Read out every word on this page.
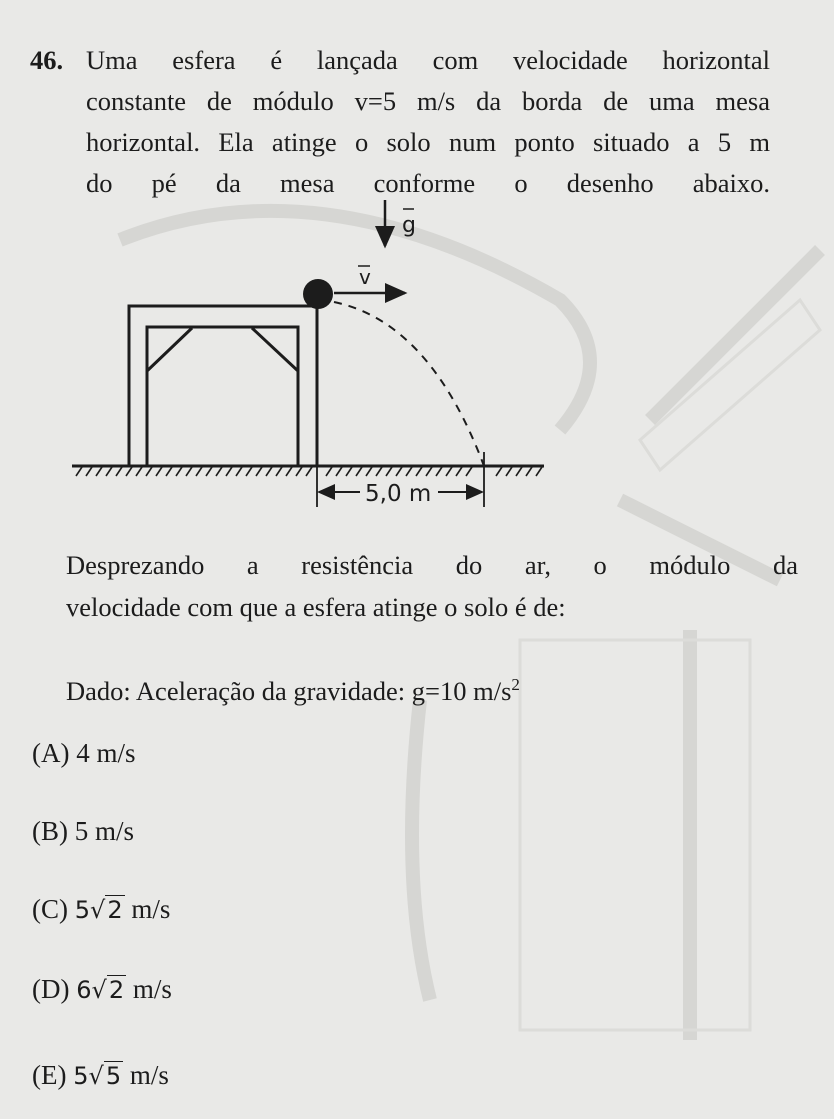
46. Uma esfera é lançada com velocidade horizontal
constante de módulo v=5 m/s da borda de uma mesa
horizontal. Ela atinge o solo num ponto situado a 5 m
do pé da mesa conforme o desenho abaixo.
g
v
5,0 m
Desprezando a resistência do ar, o módulo da
velocidade com que a esfera atinge o solo é de:
Dado: Aceleração da gravidade: g=10 $m/s^2$
(A) 4 m/s
(B) 5 m/s
(C) 5√2 m/s
(D) 6√2 m/s
(E) 5√5 m/s
